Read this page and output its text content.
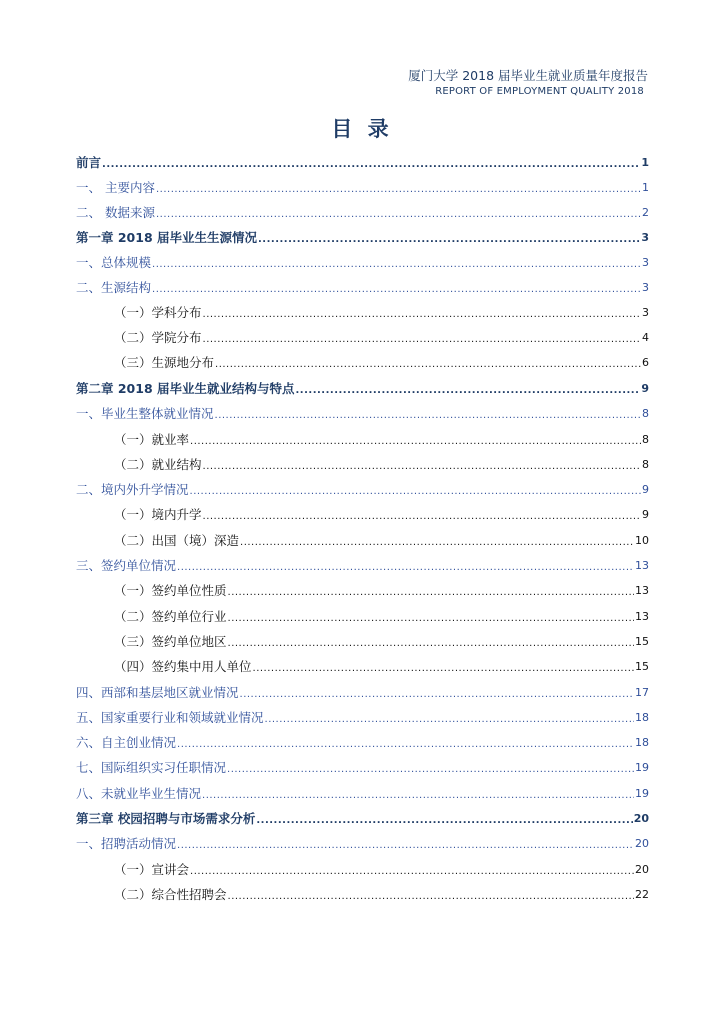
厦门大学 2018 届毕业生就业质量年度报告
REPORT OF EMPLOYMENT QUALITY 2018
目 录
前言 .....	1
一、 主要内容 .....	1
二、 数据来源 .....	2
第一章 2018 届毕业生生源情况 .....	3
一、总体规模 .....	3
二、生源结构 .....	3
（一）学科分布 .....	3
（二）学院分布 .....	4
（三）生源地分布 .....	6
第二章 2018 届毕业生就业结构与特点 .....	9
一、毕业生整体就业情况 .....	8
（一）就业率 .....	8
（二）就业结构 .....	8
二、境内外升学情况 .....	9
（一）境内升学 .....	9
（二）出国（境）深造 .....	10
三、签约单位情况 .....	13
（一）签约单位性质 .....	13
（二）签约单位行业 .....	13
（三）签约单位地区 .....	15
（四）签约集中用人单位 .....	15
四、西部和基层地区就业情况 .....	17
五、国家重要行业和领域就业情况 .....	18
六、自主创业情况 .....	18
七、国际组织实习任职情况 .....	19
八、未就业毕业生情况 .....	19
第三章 校园招聘与市场需求分析 .....	20
一、招聘活动情况 .....	20
（一）宣讲会 .....	20
（二）综合性招聘会 .....	22
